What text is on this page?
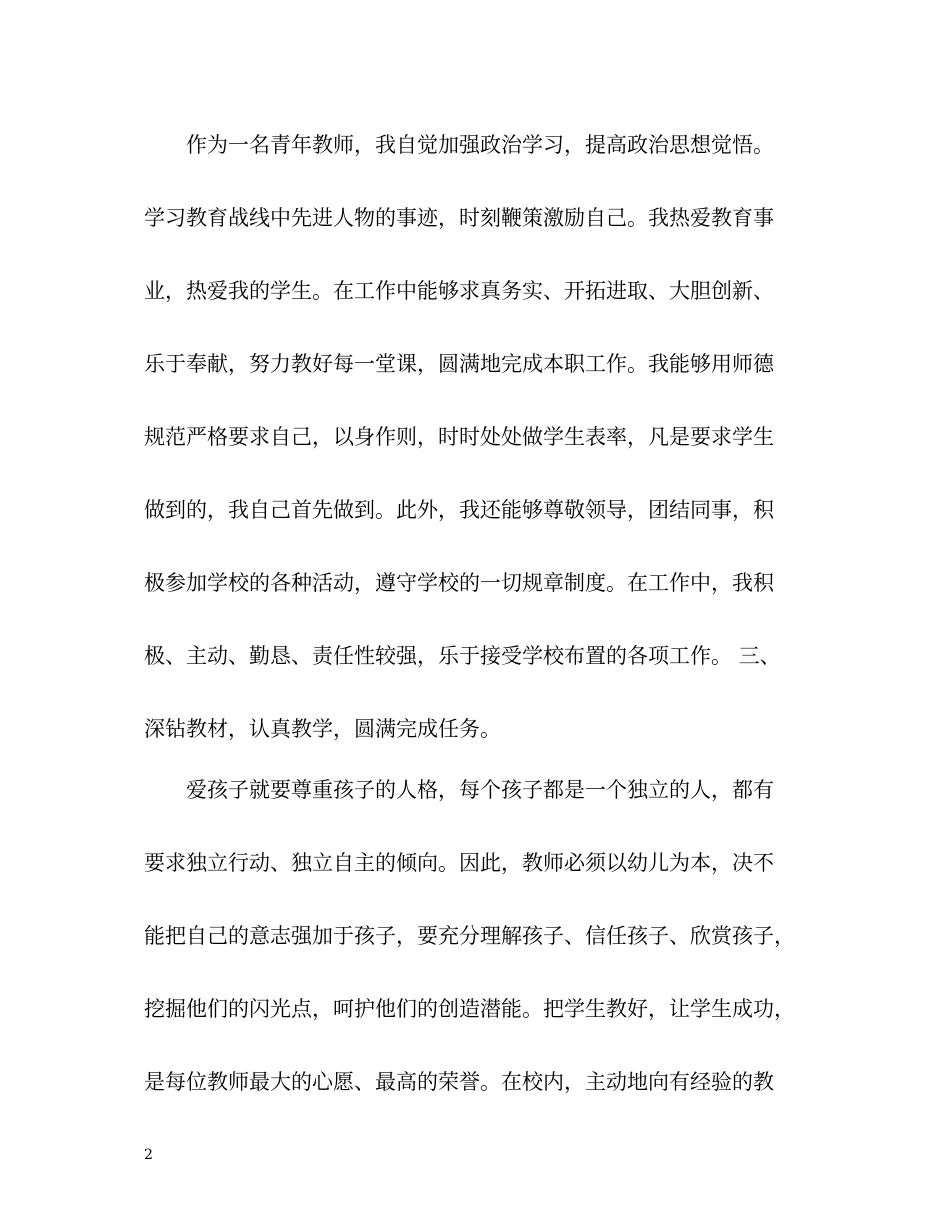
作为一名青年教师，我自觉加强政治学习，提高政治思想觉悟。
学习教育战线中先进人物的事迹，时刻鞭策激励自己。我热爱教育事
业，热爱我的学生。在工作中能够求真务实、开拓进取、大胆创新、
乐于奉献，努力教好每一堂课，圆满地完成本职工作。我能够用师德
规范严格要求自己，以身作则，时时处处做学生表率，凡是要求学生
做到的，我自己首先做到。此外，我还能够尊敬领导，团结同事，积
极参加学校的各种活动，遵守学校的一切规章制度。在工作中，我积
极、主动、勤恳、责任性较强，乐于接受学校布置的各项工作。 三、
深钻教材，认真教学，圆满完成任务。
爱孩子就要尊重孩子的人格，每个孩子都是一个独立的人，都有
要求独立行动、独立自主的倾向。因此，教师必须以幼儿为本，决不
能把自己的意志强加于孩子，要充分理解孩子、信任孩子、欣赏孩子，
挖掘他们的闪光点，呵护他们的创造潜能。把学生教好，让学生成功，
是每位教师最大的心愿、最高的荣誉。在校内，主动地向有经验的教
2
